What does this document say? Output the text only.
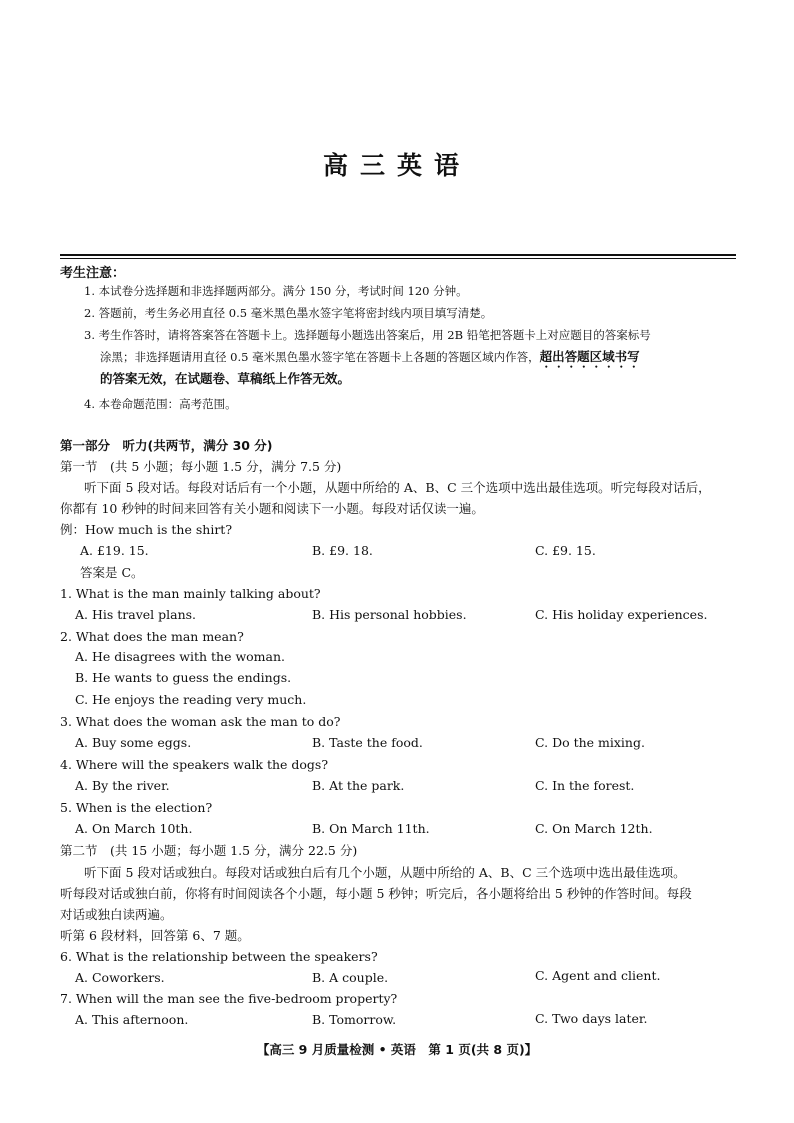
高三英语
考生注意：
1. 本试卷分选择题和非选择题两部分。满分 150 分，考试时间 120 分钟。
2. 答题前，考生务必用直径 0.5 毫米黑色墨水签字笔将密封线内项目填写清楚。
3. 考生作答时，请将答案答在答题卡上。选择题每小题选出答案后，用 2B 铅笔把答题卡上对应题目的答案标号
涂黑；非选择题请用直径 0.5 毫米黑色墨水签字笔在答题卡上各题的答题区域内作答，超出答题区域书写
的答案无效，在试题卷、草稿纸上作答无效。
4. 本卷命题范围：高考范围。
第一部分　听力(共两节，满分 30 分)
第一节　(共 5 小题；每小题 1.5 分，满分 7.5 分)
听下面 5 段对话。每段对话后有一个小题，从题中所给的 A、B、C 三个选项中选出最佳选项。听完每段对话后，
你都有 10 秒钟的时间来回答有关小题和阅读下一小题。每段对话仅读一遍。
例：How much is the shirt?
A. £19. 15.	B. £9. 18.	C. £9. 15.
答案是 C。
1. What is the man mainly talking about?
A. His travel plans.	B. His personal hobbies.	C. His holiday experiences.
2. What does the man mean?
A. He disagrees with the woman.
B. He wants to guess the endings.
C. He enjoys the reading very much.
3. What does the woman ask the man to do?
A. Buy some eggs.	B. Taste the food.	C. Do the mixing.
4. Where will the speakers walk the dogs?
A. By the river.	B. At the park.	C. In the forest.
5. When is the election?
A. On March 10th.	B. On March 11th.	C. On March 12th.
第二节　(共 15 小题；每小题 1.5 分，满分 22.5 分)
听下面 5 段对话或独白。每段对话或独白后有几个小题，从题中所给的 A、B、C 三个选项中选出最佳选项。
听每段对话或独白前，你将有时间阅读各个小题，每小题 5 秒钟；听完后，各小题将给出 5 秒钟的作答时间。每段
对话或独白读两遍。
听第 6 段材料，回答第 6、7 题。
6. What is the relationship between the speakers?
A. Coworkers.	B. A couple.	C. Agent and client.
7. When will the man see the five-bedroom property?
A. This afternoon.	B. Tomorrow.	C. Two days later.
【高三 9 月质量检测 • 英语　第 1 页(共 8 页)】
